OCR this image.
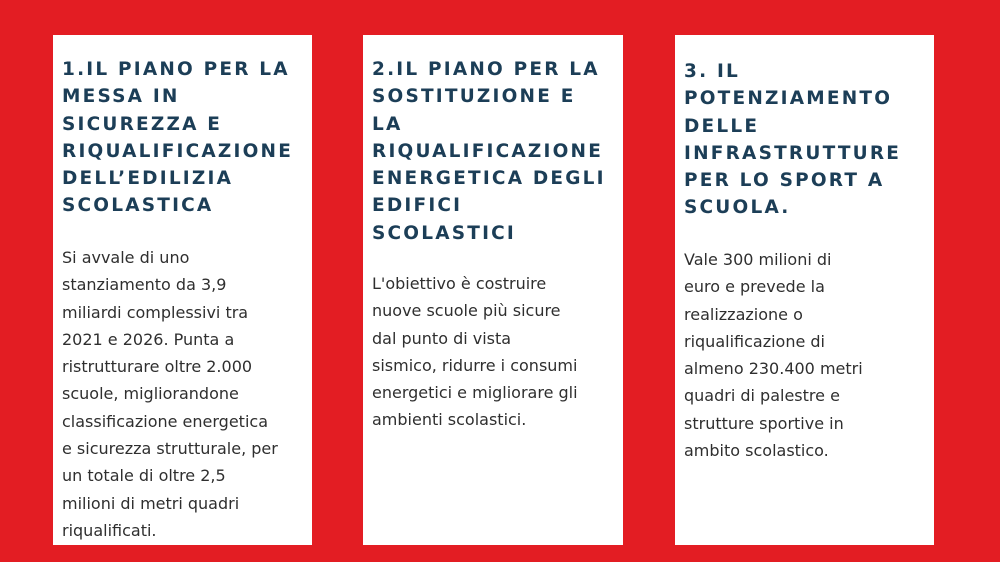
1.IL PIANO PER LA
MESSA IN
SICUREZZA E
RIQUALIFICAZIONE
DELL’EDILIZIA
SCOLASTICA

Si avvale di uno
stanziamento da 3,9
miliardi complessivi tra
2021 e 2026. Punta a
ristrutturare oltre 2.000
scuole, migliorandone
classificazione energetica
e sicurezza strutturale, per
un totale di oltre 2,5
milioni di metri quadri
riqualificati.

2.IL PIANO PER LA
SOSTITUZIONE E
LA
RIQUALIFICAZIONE
ENERGETICA DEGLI
EDIFICI
SCOLASTICI

L'obiettivo è costruire
nuove scuole più sicure
dal punto di vista
sismico, ridurre i consumi
energetici e migliorare gli
ambienti scolastici.

3. IL
POTENZIAMENTO
DELLE
INFRASTRUTTURE
PER LO SPORT A
SCUOLA.

Vale 300 milioni di
euro e prevede la
realizzazione o
riqualificazione di
almeno 230.400 metri
quadri di palestre e
strutture sportive in
ambito scolastico.
